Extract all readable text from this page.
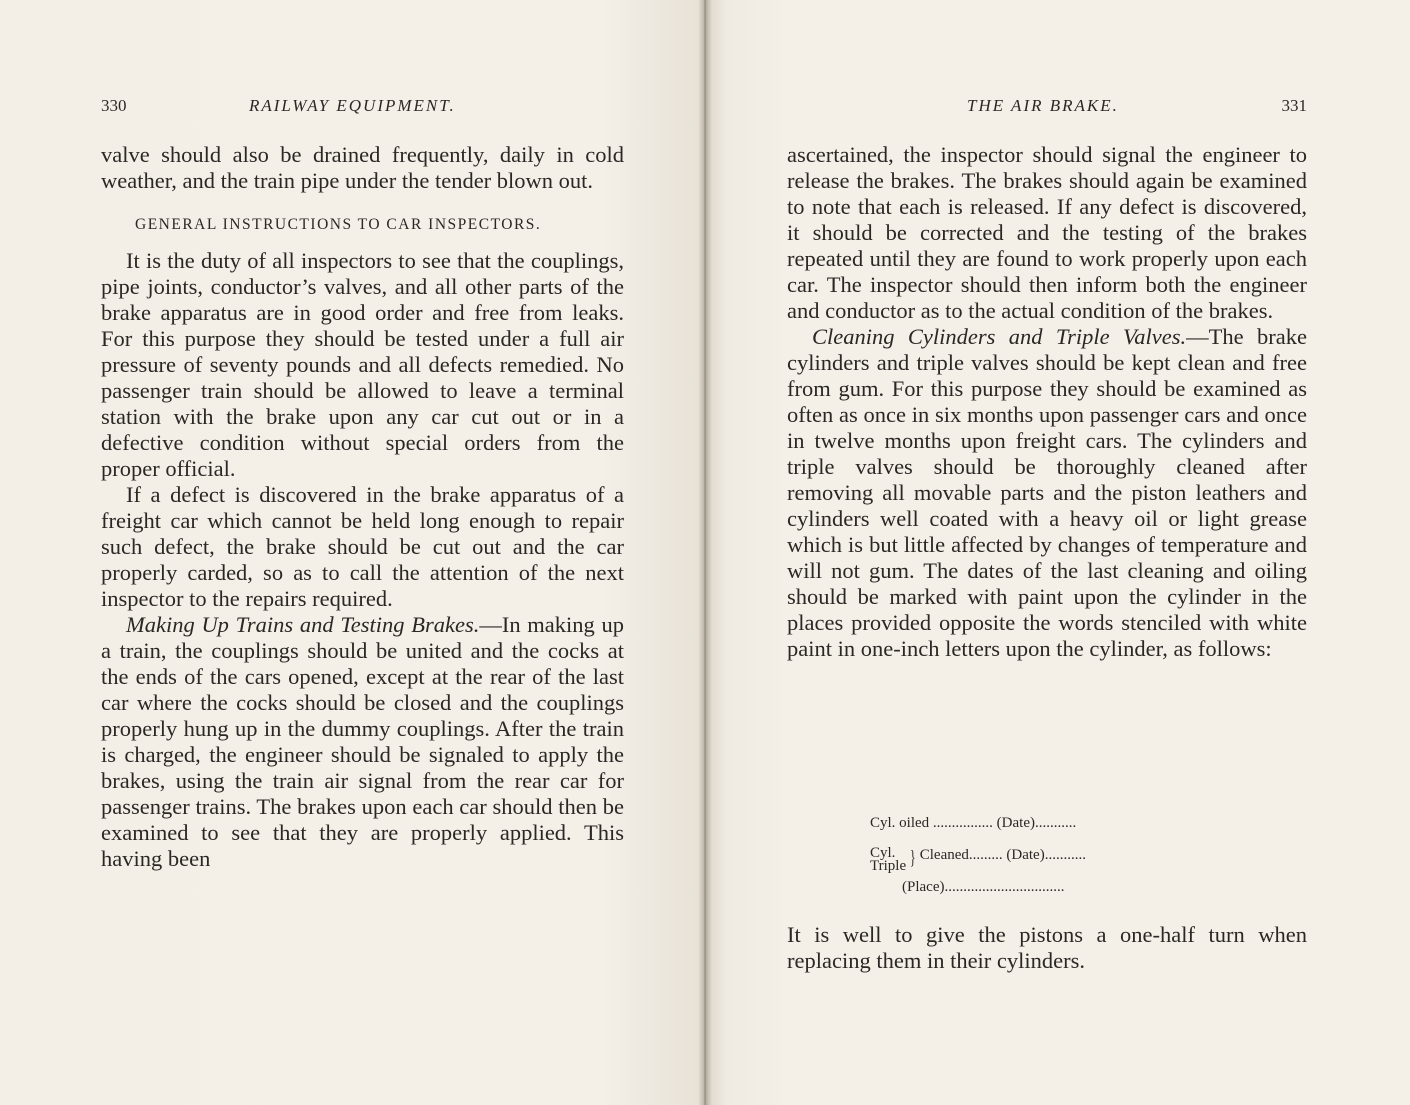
330	RAILWAY EQUIPMENT.

valve should also be drained frequently, daily in cold weather, and the train pipe under the tender blown out.

GENERAL INSTRUCTIONS TO CAR INSPECTORS.

It is the duty of all inspectors to see that the couplings, pipe joints, conductor’s valves, and all other parts of the brake apparatus are in good order and free from leaks. For this purpose they should be tested under a full air pressure of seventy pounds and all defects remedied. No passenger train should be allowed to leave a terminal station with the brake upon any car cut out or in a defective condition without special orders from the proper official.

If a defect is discovered in the brake apparatus of a freight car which cannot be held long enough to repair such defect, the brake should be cut out and the car properly carded, so as to call the attention of the next inspector to the repairs required.

Making Up Trains and Testing Brakes.—In making up a train, the couplings should be united and the cocks at the ends of the cars opened, except at the rear of the last car where the cocks should be closed and the couplings properly hung up in the dummy couplings. After the train is charged, the engineer should be signaled to apply the brakes, using the train air signal from the rear car for passenger trains. The brakes upon each car should then be examined to see that they are properly applied. This having been

THE AIR BRAKE.	331

ascertained, the inspector should signal the engineer to release the brakes. The brakes should again be examined to note that each is released. If any defect is discovered, it should be corrected and the testing of the brakes repeated until they are found to work properly upon each car. The inspector should then inform both the engineer and conductor as to the actual condition of the brakes.

Cleaning Cylinders and Triple Valves.—The brake cylinders and triple valves should be kept clean and free from gum. For this purpose they should be examined as often as once in six months upon passenger cars and once in twelve months upon freight cars. The cylinders and triple valves should be thoroughly cleaned after removing all movable parts and the piston leathers and cylinders well coated with a heavy oil or light grease which is but little affected by changes of temperature and will not gum. The dates of the last cleaning and oiling should be marked with paint upon the cylinder in the places provided opposite the words stenciled with white paint in one-inch letters upon the cylinder, as follows:

Cyl. oiled ................ (Date)...........
Cyl.
Triple } Cleaned......... (Date)...........
(Place)................................

It is well to give the pistons a one-half turn when replacing them in their cylinders.
